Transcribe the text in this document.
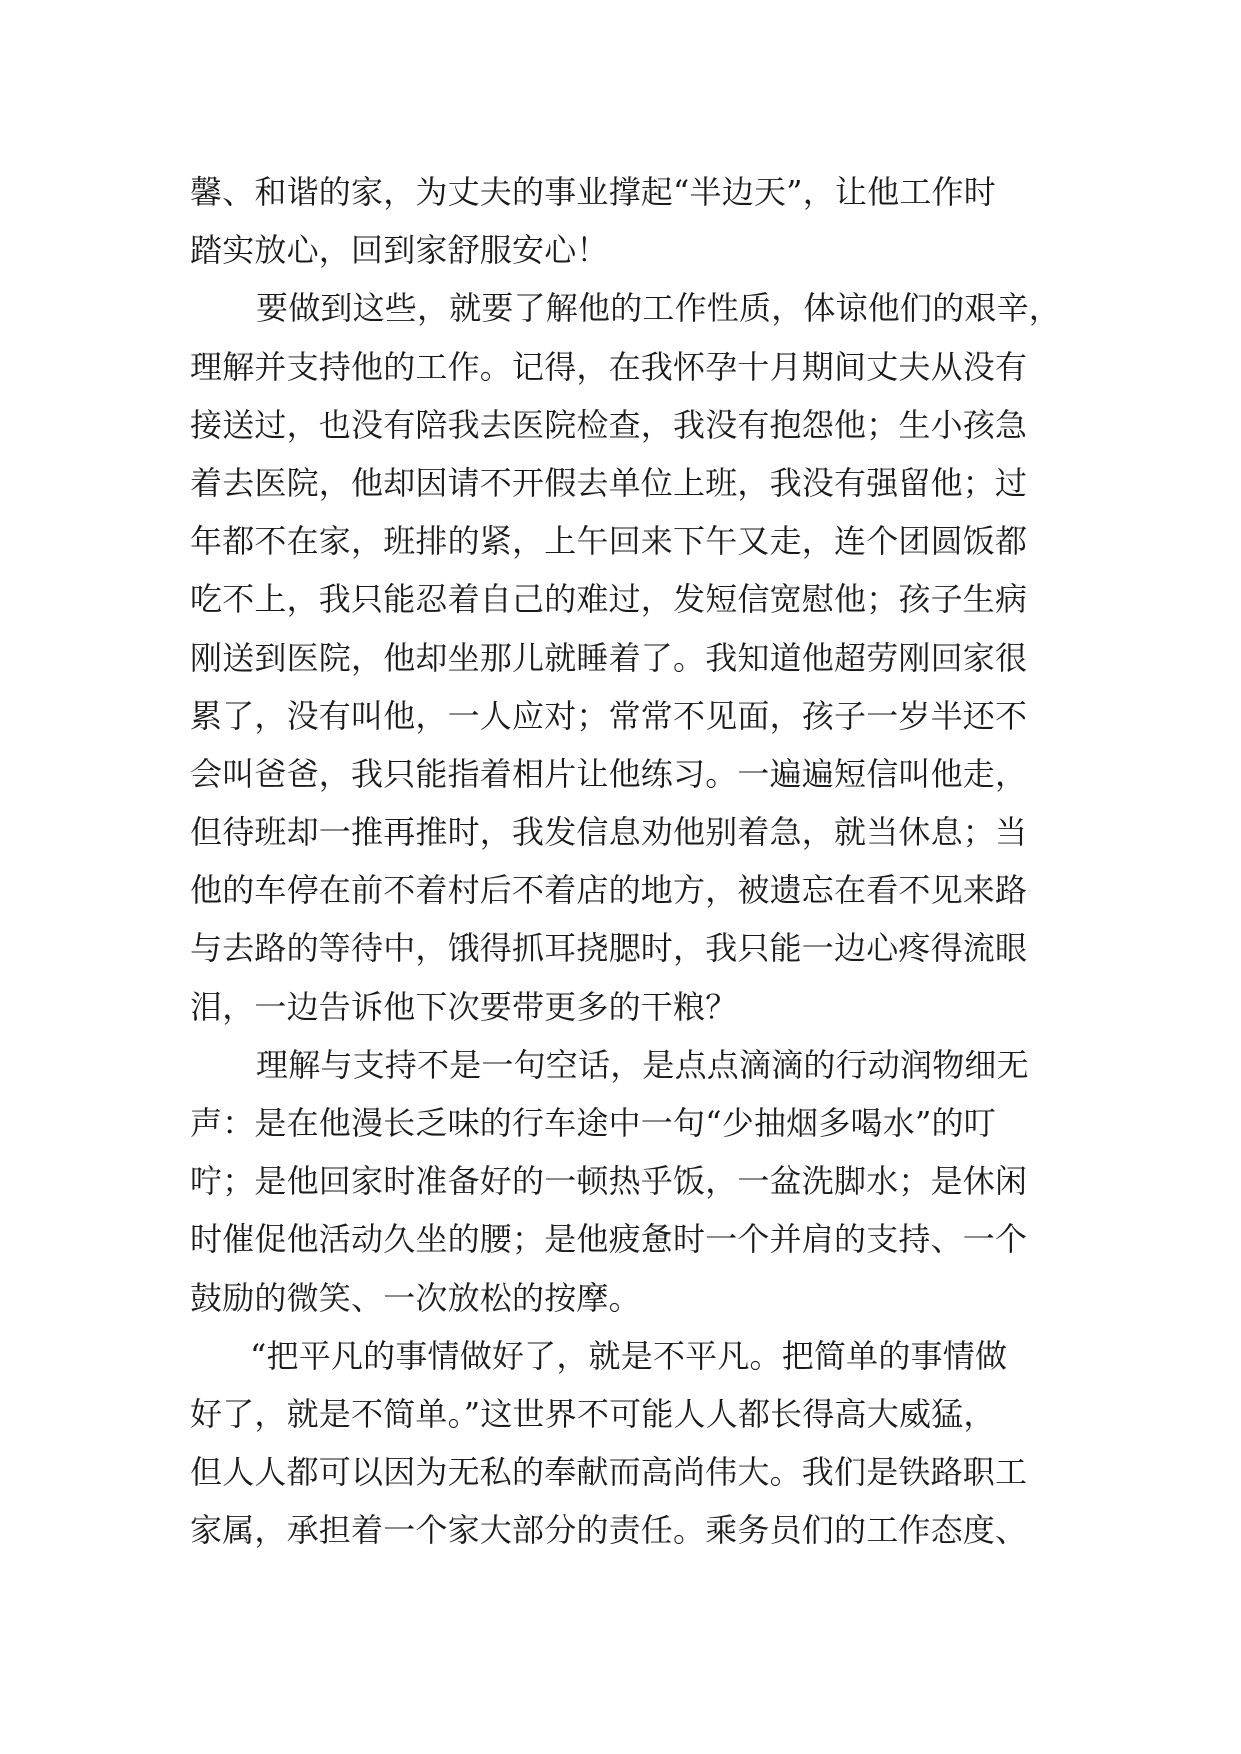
馨、和谐的家，为丈夫的事业撑起“半边天”，让他工作时
踏实放心，回到家舒服安心！
要做到这些，就要了解他的工作性质，体谅他们的艰辛，
理解并支持他的工作。记得，在我怀孕十月期间丈夫从没有
接送过，也没有陪我去医院检查，我没有抱怨他；生小孩急
着去医院，他却因请不开假去单位上班，我没有强留他；过
年都不在家，班排的紧，上午回来下午又走，连个团圆饭都
吃不上，我只能忍着自己的难过，发短信宽慰他；孩子生病
刚送到医院，他却坐那儿就睡着了。我知道他超劳刚回家很
累了，没有叫他，一人应对；常常不见面，孩子一岁半还不
会叫爸爸，我只能指着相片让他练习。一遍遍短信叫他走，
但待班却一推再推时，我发信息劝他别着急，就当休息；当
他的车停在前不着村后不着店的地方，被遗忘在看不见来路
与去路的等待中，饿得抓耳挠腮时，我只能一边心疼得流眼
泪，一边告诉他下次要带更多的干粮？
理解与支持不是一句空话，是点点滴滴的行动润物细无
声：是在他漫长乏味的行车途中一句“少抽烟多喝水”的叮
咛；是他回家时准备好的一顿热乎饭，一盆洗脚水；是休闲
时催促他活动久坐的腰；是他疲惫时一个并肩的支持、一个
鼓励的微笑、一次放松的按摩。
“把平凡的事情做好了，就是不平凡。把简单的事情做
好了，就是不简单。”这世界不可能人人都长得高大威猛，
但人人都可以因为无私的奉献而高尚伟大。我们是铁路职工
家属，承担着一个家大部分的责任。乘务员们的工作态度、
